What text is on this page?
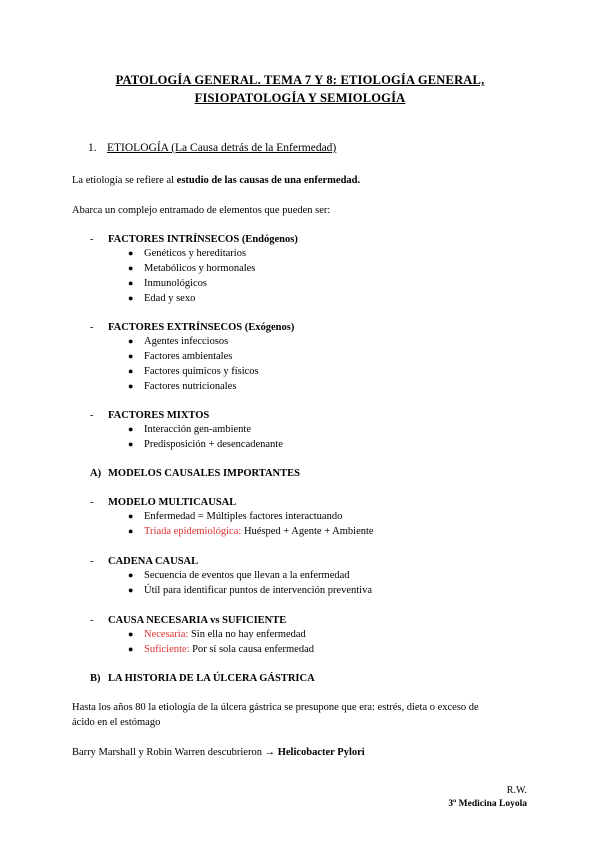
PATOLOGÍA GENERAL. TEMA 7 Y 8: ETIOLOGÍA GENERAL,
FISIOPATOLOGÍA Y SEMIOLOGÍA
1. ETIOLOGÍA (La Causa detrás de la Enfermedad)
La etiología se refiere al estudio de las causas de una enfermedad.
Abarca un complejo entramado de elementos que pueden ser:
- FACTORES INTRÍNSECOS (Endógenos)
● Genéticos y hereditarios
● Metabólicos y hormonales
● Inmunológicos
● Edad y sexo
- FACTORES EXTRÍNSECOS (Exógenos)
● Agentes infecciosos
● Factores ambientales
● Factores químicos y físicos
● Factores nutricionales
- FACTORES MIXTOS
● Interacción gen-ambiente
● Predisposición + desencadenante
A) MODELOS CAUSALES IMPORTANTES
- MODELO MULTICAUSAL
● Enfermedad = Múltiples factores interactuando
● Tríada epidemiológica: Huésped + Agente + Ambiente
- CADENA CAUSAL
● Secuencia de eventos que llevan a la enfermedad
● Útil para identificar puntos de intervención preventiva
- CAUSA NECESARIA vs SUFICIENTE
● Necesaria: Sin ella no hay enfermedad
● Suficiente: Por sí sola causa enfermedad
B) LA HISTORIA DE LA ÚLCERA GÁSTRICA
Hasta los años 80 la etiología de la úlcera gástrica se presupone que era: estrés, dieta o exceso de
ácido en el estómago
Barry Marshall y Robin Warren descubrieron → Helicobacter Pylori
R.W.
3º Medicina Loyola
